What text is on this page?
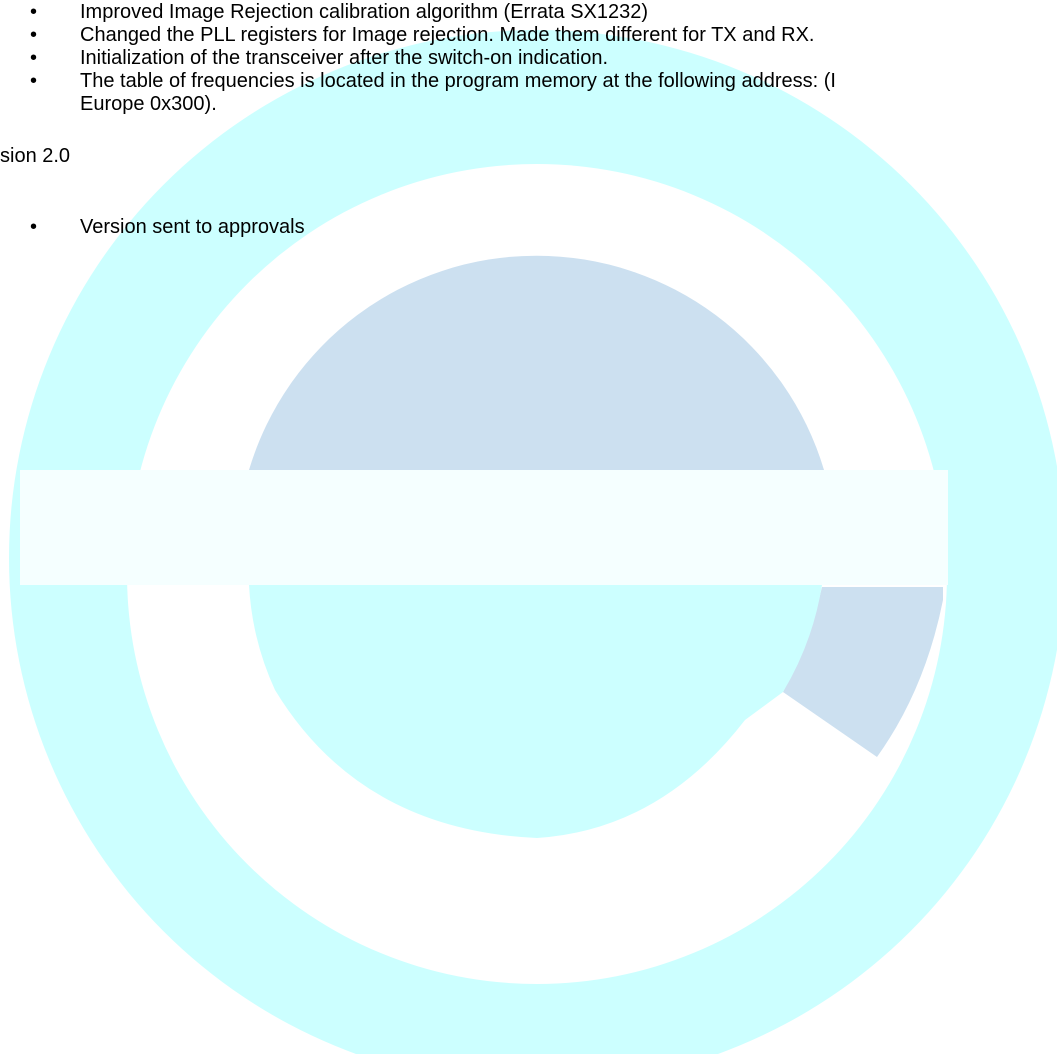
•	Improved Image Rejection calibration algorithm (Errata SX1232)
•	Changed the PLL registers for Image rejection. Made them different for TX and RX.
•	Initialization of the transceiver after the switch-on indication.
•	The table of frequencies is located in the program memory at the following address: (I
Europe 0x300).
sion 2.0
•	Version sent to approvals
